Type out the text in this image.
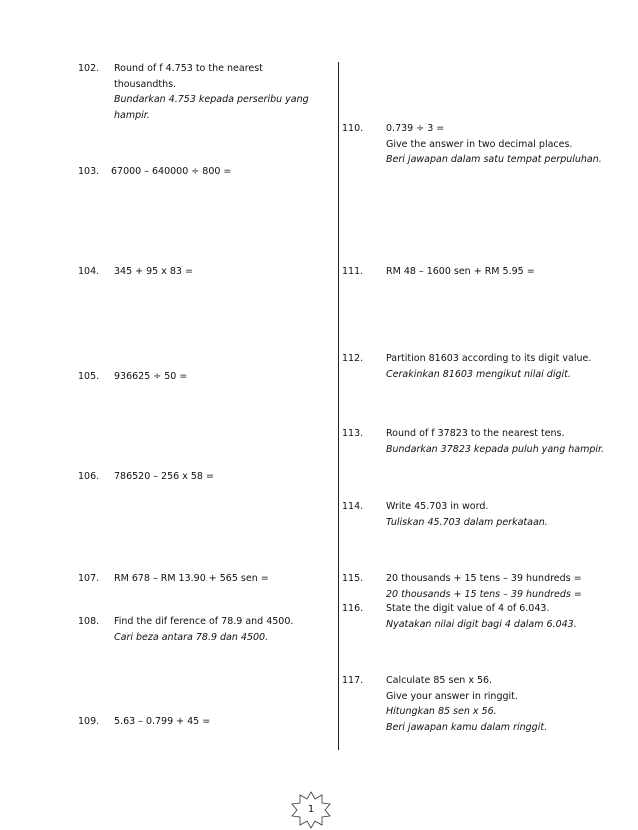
102. Round of f 4.753 to the nearest
thousandths.
Bundarkan 4.753 kepada perseribu yang
hampir.
103. 67000 – 640000 ÷ 800 =
104. 345 + 95 x 83 =
105. 936625 ÷ 50 =
106. 786520 – 256 x 58 =
107. RM 678 – RM 13.90 + 565 sen =
108. Find the dif ference of 78.9 and 4500.
Cari beza antara 78.9 dan 4500.
109. 5.63 – 0.799 + 45 =
110. 0.739 ÷ 3 =
Give the answer in two decimal places.
Beri jawapan dalam satu tempat perpuluhan.
111. RM 48 – 1600 sen + RM 5.95 =
112. Partition 81603 according to its digit value.
Cerakinkan 81603 mengikut nilai digit.
113. Round of f 37823 to the nearest tens.
Bundarkan 37823 kepada puluh yang hampir.
114. Write 45.703 in word.
Tuliskan 45.703 dalam perkataan.
115. 20 thousands + 15 tens – 39 hundreds =
20 thousands + 15 tens – 39 hundreds =
116. State the digit value of 4 of 6.043.
Nyatakan nilai digit bagi 4 dalam 6.043.
117. Calculate 85 sen x 56.
Give your answer in ringgit.
Hitungkan 85 sen x 56.
Beri jawapan kamu dalam ringgit.
1
